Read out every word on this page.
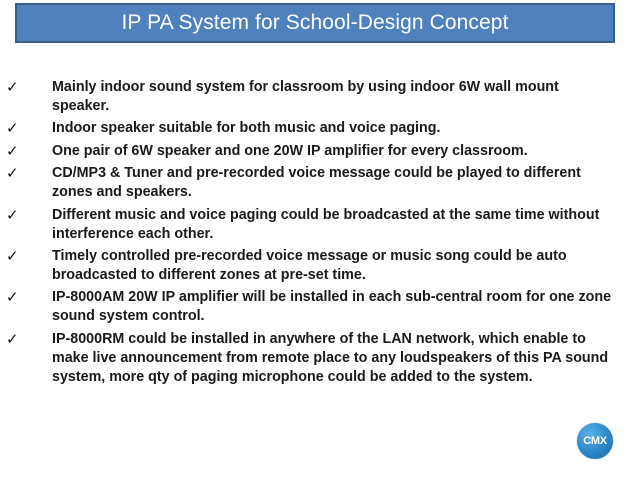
IP PA System for School-Design Concept
✓	Mainly indoor sound system for classroom by using indoor 6W wall mount speaker.
✓	Indoor speaker suitable for both music and voice paging.
✓	One pair of 6W speaker and one 20W IP amplifier for every classroom.
✓	CD/MP3 & Tuner and pre-recorded voice message could be played to different zones and speakers.
✓	Different music and voice paging could be broadcasted at the same time without interference each other.
✓	Timely controlled pre-recorded voice message or music song could be auto broadcasted to different zones at pre-set time.
✓	IP-8000AM 20W IP amplifier will be installed in each sub-central room for one zone sound system control.
✓	IP-8000RM could be installed in anywhere of the LAN network, which enable to make live announcement from remote place to any loudspeakers of this PA sound system, more qty of paging microphone could be added to the system.
CMX
